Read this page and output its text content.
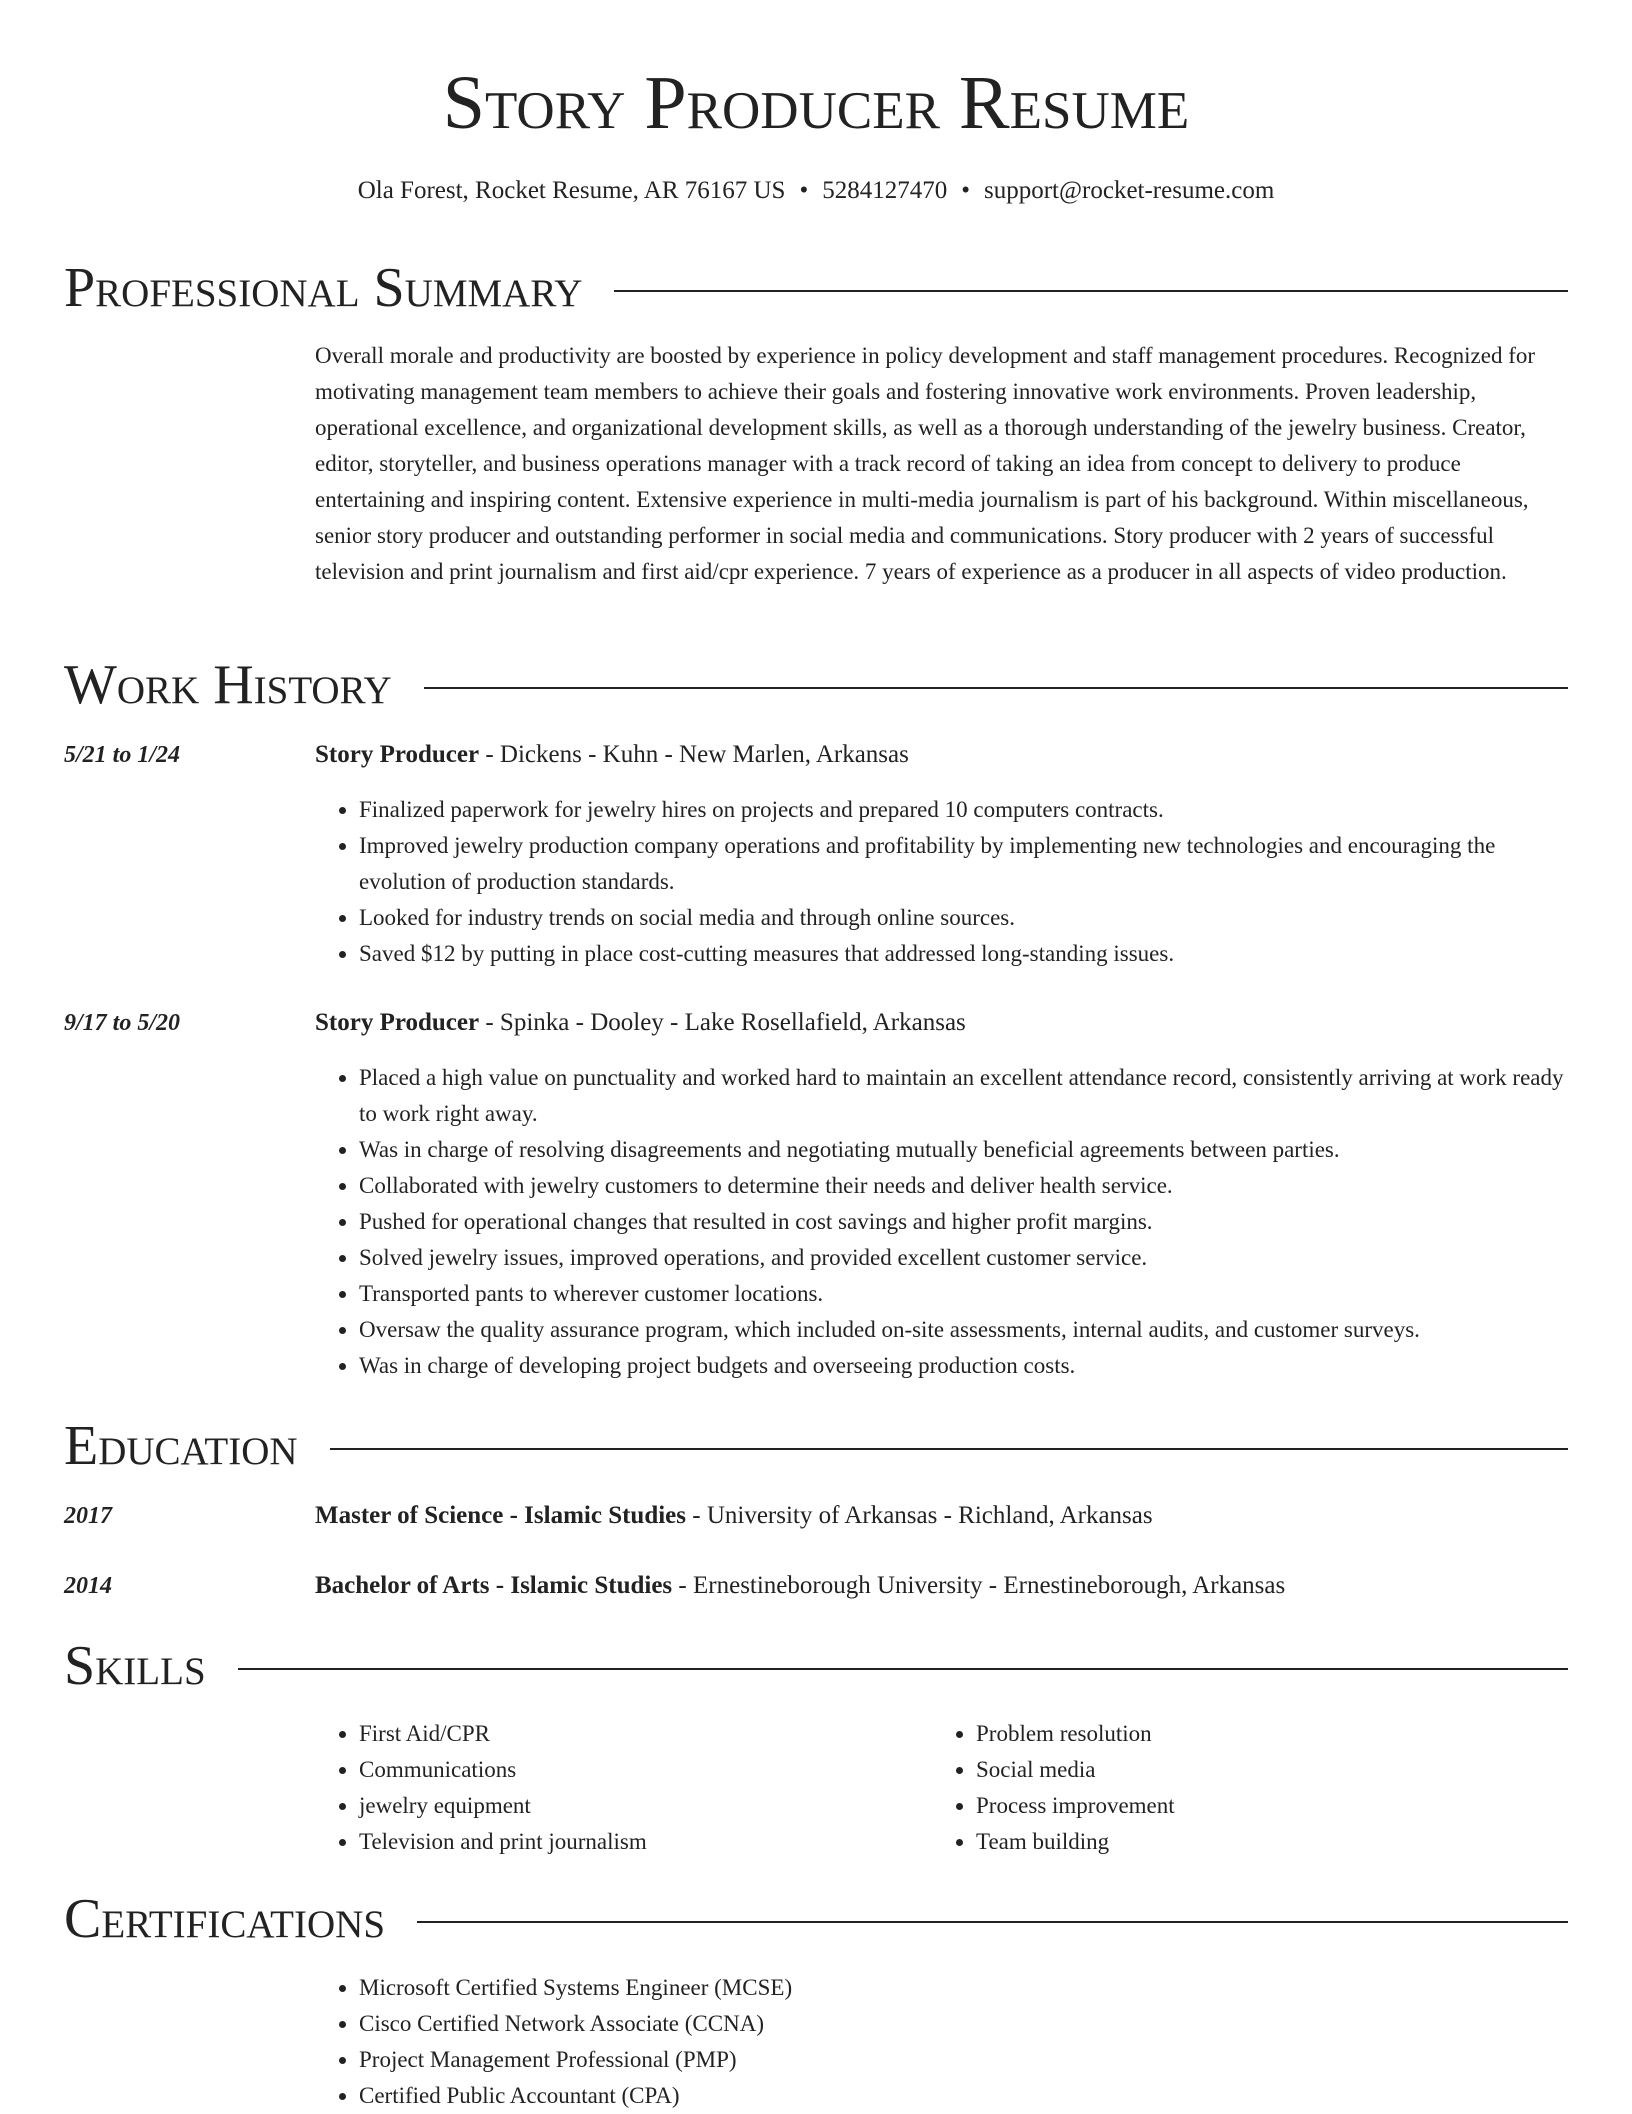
Story Producer Resume
Ola Forest, Rocket Resume, AR 76167 US • 5284127470 • support@rocket-resume.com
Professional Summary

Overall morale and productivity are boosted by experience in policy development and staff management procedures. Recognized for motivating management team members to achieve their goals and fostering innovative work environments. Proven leadership, operational excellence, and organizational development skills, as well as a thorough understanding of the jewelry business. Creator, editor, storyteller, and business operations manager with a track record of taking an idea from concept to delivery to produce entertaining and inspiring content. Extensive experience in multi-media journalism is part of his background. Within miscellaneous, senior story producer and outstanding performer in social media and communications. Story producer with 2 years of successful television and print journalism and first aid/cpr experience. 7 years of experience as a producer in all aspects of video production.

Work History
5/21 to 1/24	Story Producer - Dickens - Kuhn - New Marlen, Arkansas
• Finalized paperwork for jewelry hires on projects and prepared 10 computers contracts.
• Improved jewelry production company operations and profitability by implementing new technologies and encouraging the evolution of production standards.
• Looked for industry trends on social media and through online sources.
• Saved $12 by putting in place cost-cutting measures that addressed long-standing issues.
9/17 to 5/20	Story Producer - Spinka - Dooley - Lake Rosellafield, Arkansas
• Placed a high value on punctuality and worked hard to maintain an excellent attendance record, consistently arriving at work ready to work right away.
• Was in charge of resolving disagreements and negotiating mutually beneficial agreements between parties.
• Collaborated with jewelry customers to determine their needs and deliver health service.
• Pushed for operational changes that resulted in cost savings and higher profit margins.
• Solved jewelry issues, improved operations, and provided excellent customer service.
• Transported pants to wherever customer locations.
• Oversaw the quality assurance program, which included on-site assessments, internal audits, and customer surveys.
• Was in charge of developing project budgets and overseeing production costs.
Education
2017	Master of Science - Islamic Studies - University of Arkansas - Richland, Arkansas
2014	Bachelor of Arts - Islamic Studies - Ernestineborough University - Ernestineborough, Arkansas
Skills
• First Aid/CPR
• Communications
• jewelry equipment
• Television and print journalism
• Problem resolution
• Social media
• Process improvement
• Team building
Certifications
• Microsoft Certified Systems Engineer (MCSE)
• Cisco Certified Network Associate (CCNA)
• Project Management Professional (PMP)
• Certified Public Accountant (CPA)
